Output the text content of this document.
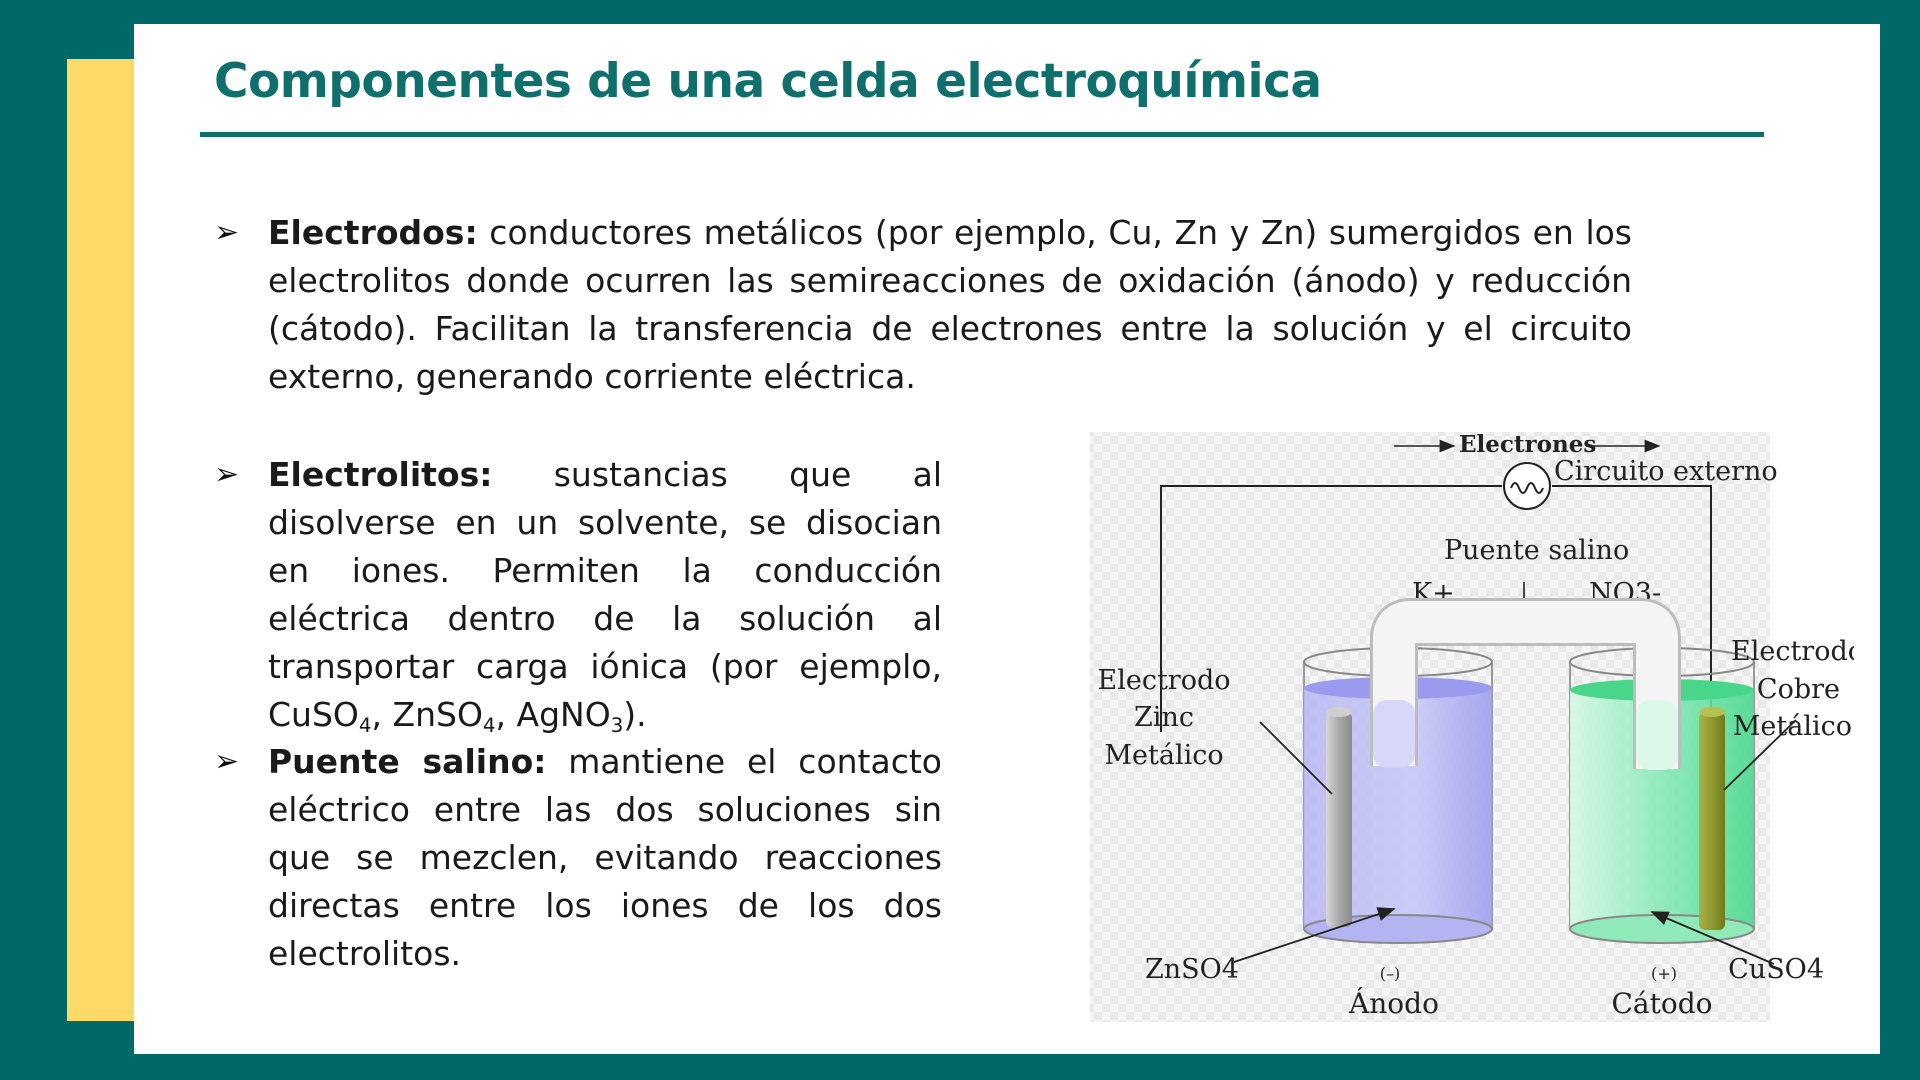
Componentes de una celda electroquímica
➢ Electrodos: conductores metálicos (por ejemplo, Cu, Zn y Zn) sumergidos en los electrolitos donde ocurren las semireacciones de oxidación (ánodo) y reducción (cátodo). Facilitan la transferencia de electrones entre la solución y el circuito externo, generando corriente eléctrica.
➢ Electrolitos: sustancias que al disolverse en un solvente, se disocian en iones. Permiten la conducción eléctrica dentro de la solución al transportar carga iónica (por ejemplo, CuSO$_4$, ZnSO$_4$, AgNO$_3$).
➢ Puente salino: mantiene el contacto eléctrico entre las dos soluciones sin que se mezclen, evitando reacciones directas entre los iones de los dos electrolitos.
Electrones
Circuito externo
Puente salino
K+	NO3-
Electrodo
Zinc
Metálico
Electrodo
Cobre
Metálico
ZnSO4	CuSO4
(–)
Ánodo
(+)
Cátodo
